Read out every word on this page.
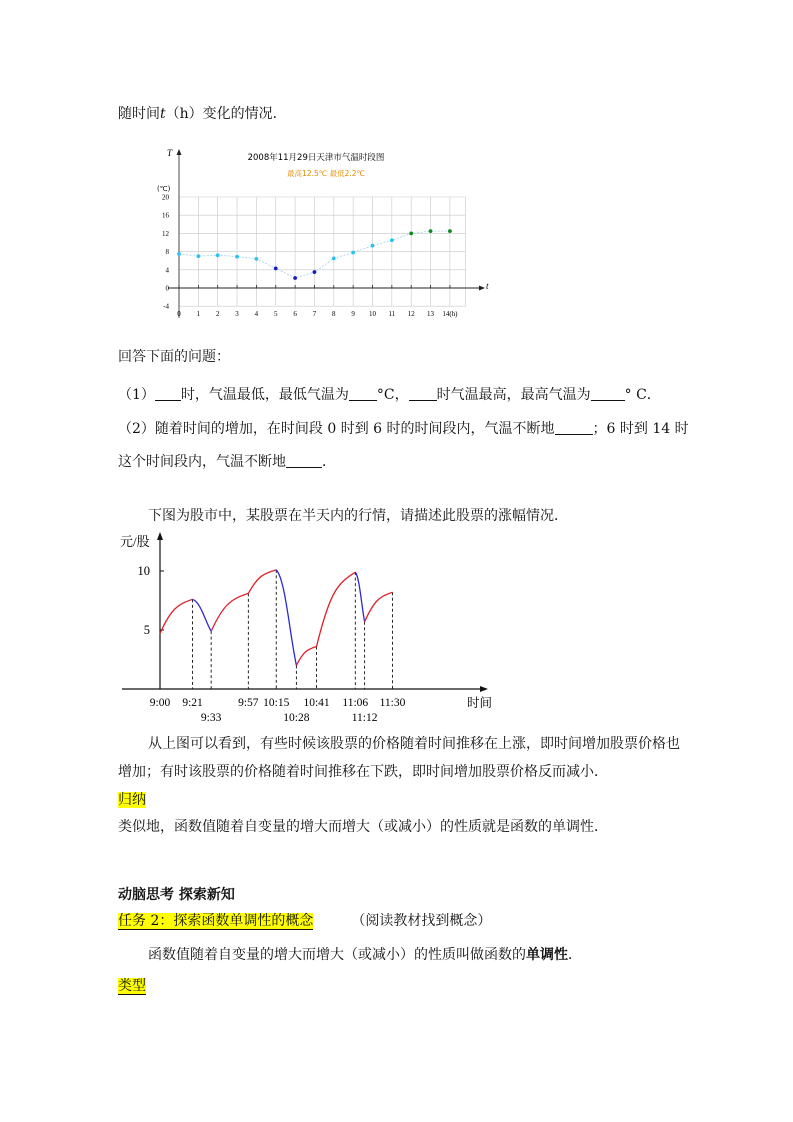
随时间t（h）变化的情况．
2008年11月29日天津市气温时段图
最高12.5℃ 最低2.2℃
T
(℃)
t
-4
0
4
8
12
16
20
0 1 2 3 4 5 6 7 8 9 10 11 12 13 14(h)
回答下面的问题：
（1） 时，气温最低，最低气温为 °C， 时气温最高，最高气温为 ° C．
（2）随着时间的增加，在时间段 0 时到 6 时的时间段内，气温不断地	；6 时到 14 时
这个时间段内，气温不断地	．
下图为股市中，某股票在半天内的行情，请描述此股票的涨幅情况．
元/股
时间
5
10
9:00 9:21
9:33
9:57 10:15
10:28
10:41 11:06
11:12
11:30
从上图可以看到，有些时候该股票的价格随着时间推移在上涨，即时间增加股票价格也
增加；有时该股票的价格随着时间推移在下跌，即时间增加股票价格反而减小．
归纳
类似地，函数值随着自变量的增大而增大（或减小）的性质就是函数的单调性．
动脑思考 探索新知
任务 2：探索函数单调性的概念	（阅读教材找到概念）
函数值随着自变量的增大而增大（或减小）的性质叫做函数的单调性．
类型
